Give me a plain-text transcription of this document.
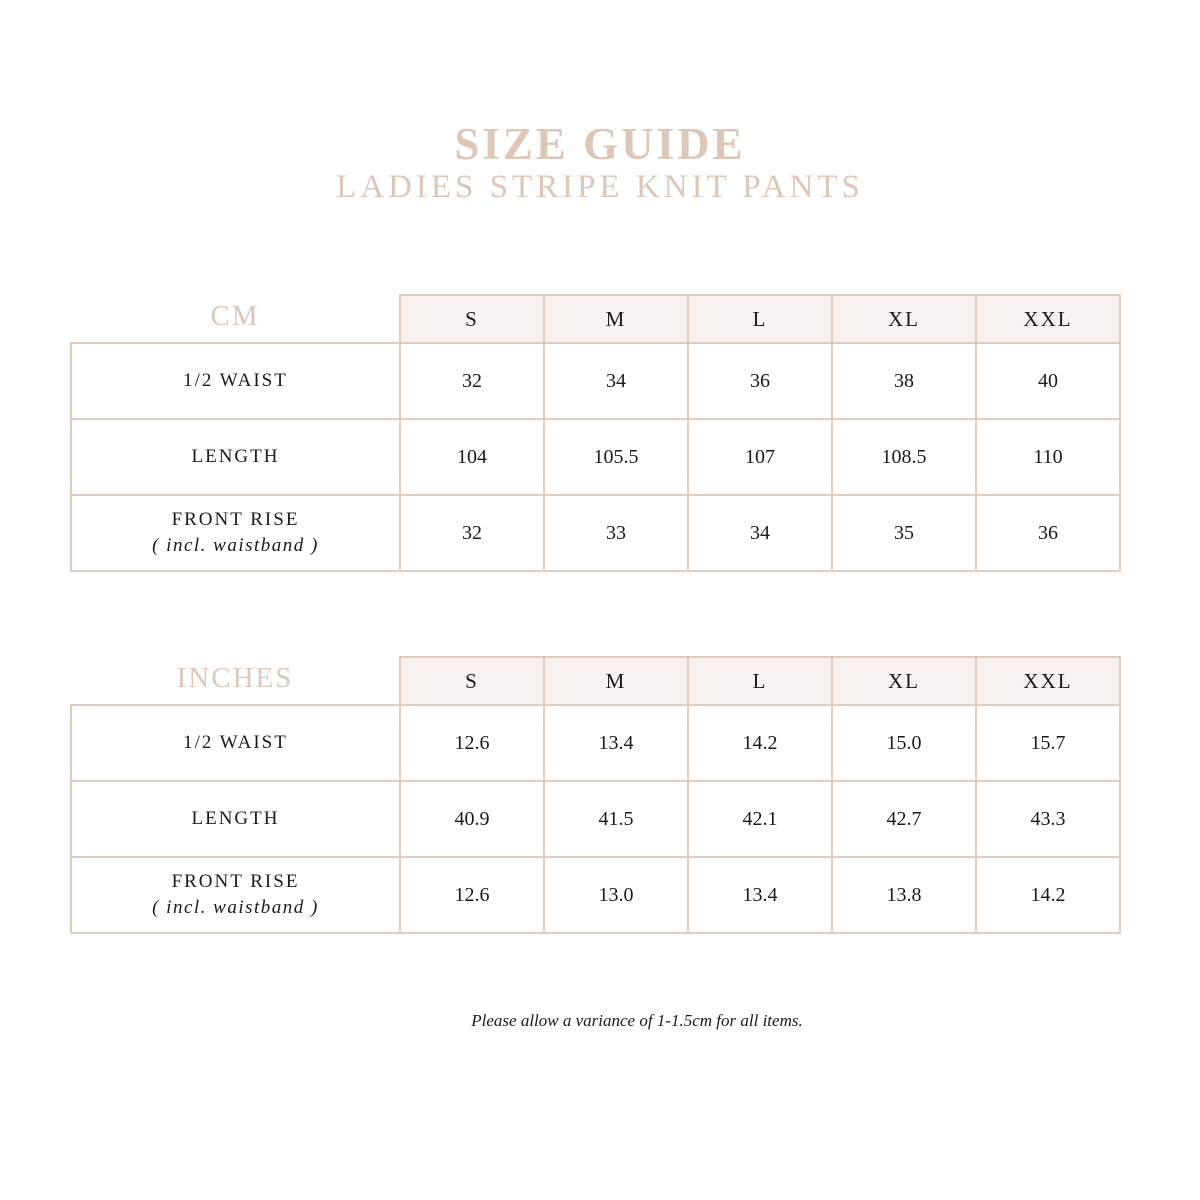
SIZE GUIDE
LADIES STRIPE KNIT PANTS
CM	S	M	L	XL	XXL
1/2 WAIST	32	34	36	38	40
LENGTH	104	105.5	107	108.5	110
FRONT RISE
( incl. waistband )
32	33	34	35	36
INCHES	S	M	L	XL	XXL
1/2 WAIST	12.6	13.4	14.2	15.0	15.7
LENGTH	40.9	41.5	42.1	42.7	43.3
FRONT RISE
( incl. waistband )
12.6	13.0	13.4	13.8	14.2
Please allow a variance of 1-1.5cm for all items.
